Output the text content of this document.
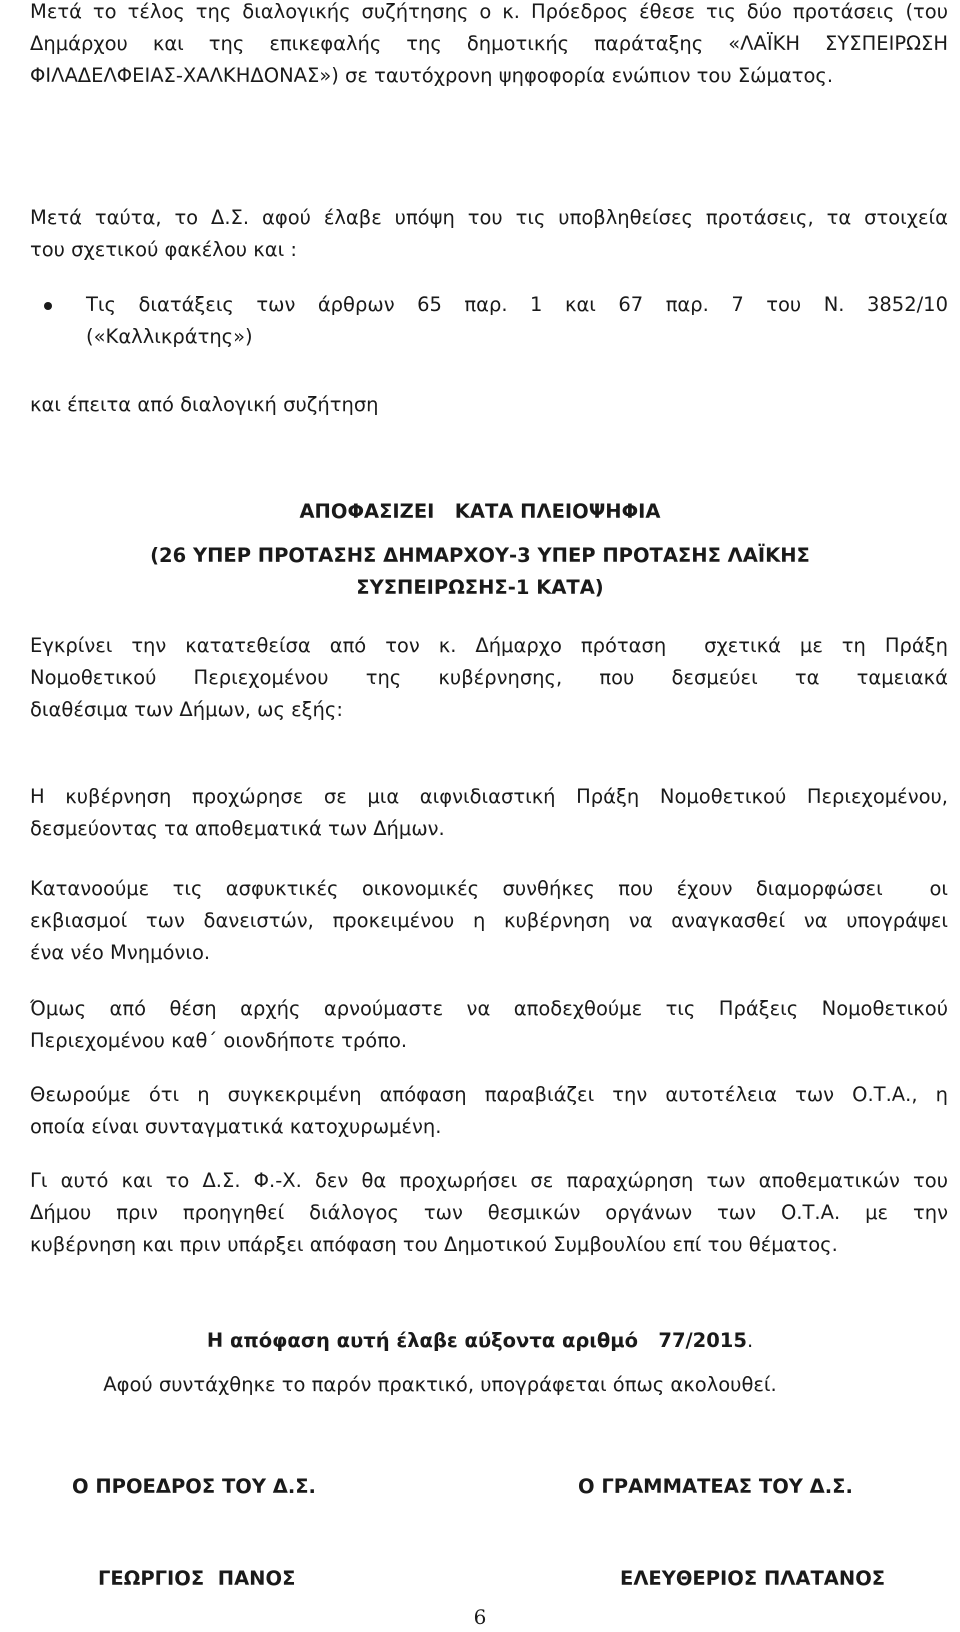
Μετά το τέλος της διαλογικής συζήτησης ο κ. Πρόεδρος έθεσε τις δύο προτάσεις (του
Δημάρχου και της επικεφαλής της δημοτικής παράταξης «ΛΑΪΚΗ ΣΥΣΠΕΙΡΩΣΗ
ΦΙΛΑΔΕΛΦΕΙΑΣ-ΧΑΛΚΗΔΟΝΑΣ») σε ταυτόχρονη ψηφοφορία ενώπιον του Σώματος.

Μετά ταύτα, το Δ.Σ. αφού έλαβε υπόψη του τις υποβληθείσες προτάσεις, τα στοιχεία
του σχετικού φακέλου και :

Τις διατάξεις των άρθρων 65 παρ. 1 και 67 παρ. 7 του Ν. 3852/10
(«Καλλικράτης»)

και έπειτα από διαλογική συζήτηση

ΑΠΟΦΑΣΙΖΕΙ   ΚΑΤΑ ΠΛΕΙΟΨΗΦΙΑ
(26 ΥΠΕΡ ΠΡΟΤΑΣΗΣ ΔΗΜΑΡΧΟΥ-3 ΥΠΕΡ ΠΡΟΤΑΣΗΣ ΛΑΪΚΗΣ
ΣΥΣΠΕΙΡΩΣΗΣ-1 ΚΑΤΑ)

Εγκρίνει την κατατεθείσα από τον κ. Δήμαρχο πρόταση  σχετικά με τη Πράξη
Νομοθετικού Περιεχομένου της κυβέρνησης, που δεσμεύει τα ταμειακά
διαθέσιμα των Δήμων, ως εξής:

Η κυβέρνηση προχώρησε σε μια αιφνιδιαστική Πράξη Νομοθετικού Περιεχομένου,
δεσμεύοντας τα αποθεματικά των Δήμων.

Κατανοούμε τις ασφυκτικές οικονομικές συνθήκες που έχουν διαμορφώσει  οι
εκβιασμοί των δανειστών, προκειμένου η κυβέρνηση να αναγκασθεί να υπογράψει
ένα νέο Μνημόνιο.

Όμως από θέση αρχής αρνούμαστε να αποδεχθούμε τις Πράξεις Νομοθετικού
Περιεχομένου καθ΄ οιονδήποτε τρόπο.

Θεωρούμε ότι η συγκεκριμένη απόφαση παραβιάζει την αυτοτέλεια των Ο.Τ.Α., η
οποία είναι συνταγματικά κατοχυρωμένη.

Γι αυτό και το Δ.Σ. Φ.-Χ. δεν θα προχωρήσει σε παραχώρηση των αποθεματικών του
Δήμου πριν προηγηθεί διάλογος των θεσμικών οργάνων των Ο.Τ.Α. με την
κυβέρνηση και πριν υπάρξει απόφαση του Δημοτικού Συμβουλίου επί του θέματος.

Η απόφαση αυτή έλαβε αύξοντα αριθμό   77/2015.
Αφού συντάχθηκε το παρόν πρακτικό, υπογράφεται όπως ακολουθεί.
Ο ΠΡΟΕΔΡΟΣ ΤΟΥ Δ.Σ.	Ο ΓΡΑΜΜΑΤΕΑΣ ΤΟΥ Δ.Σ.
ΓΕΩΡΓΙΟΣ  ΠΑΝΟΣ	ΕΛΕΥΘΕΡΙΟΣ ΠΛΑΤΑΝΟΣ
6
